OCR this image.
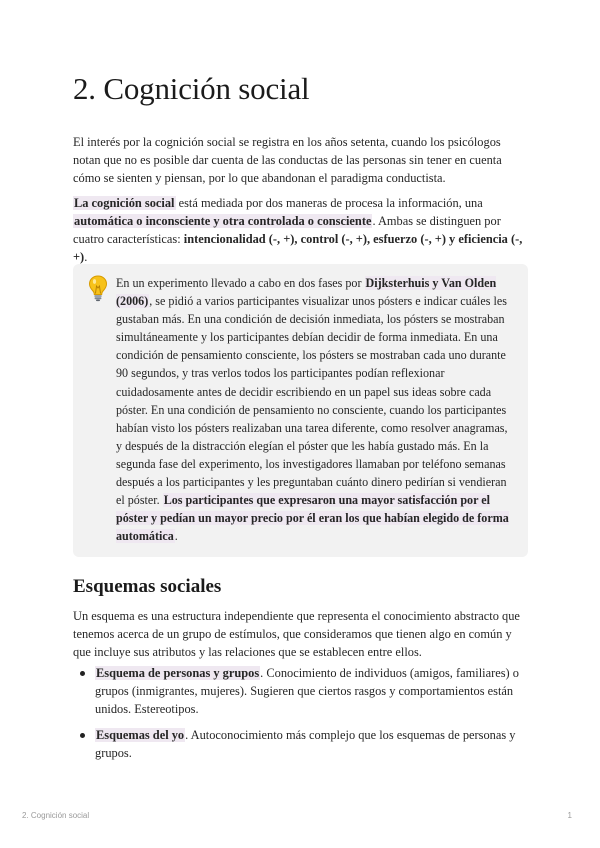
2. Cognición social

El interés por la cognición social se registra en los años setenta, cuando los psicólogos notan que no es posible dar cuenta de las conductas de las personas sin tener en cuenta cómo se sienten y piensan, por lo que abandonan el paradigma conductista.

La cognición social está mediada por dos maneras de procesa la información, una automática o inconsciente y otra controlada o consciente. Ambas se distinguen por cuatro características: intencionalidad (-, +), control (-, +), esfuerzo (-, +) y eficiencia (-, +).

En un experimento llevado a cabo en dos fases por Dijksterhuis y Van Olden (2006), se pidió a varios participantes visualizar unos pósters e indicar cuáles les gustaban más. En una condición de decisión inmediata, los pósters se mostraban simultáneamente y los participantes debían decidir de forma inmediata. En una condición de pensamiento consciente, los pósters se mostraban cada uno durante 90 segundos, y tras verlos todos los participantes podían reflexionar cuidadosamente antes de decidir escribiendo en un papel sus ideas sobre cada póster. En una condición de pensamiento no consciente, cuando los participantes habían visto los pósters realizaban una tarea diferente, como resolver anagramas, y después de la distracción elegían el póster que les había gustado más. En la segunda fase del experimento, los investigadores llamaban por teléfono semanas después a los participantes y les preguntaban cuánto dinero pedirían si vendieran el póster. Los participantes que expresaron una mayor satisfacción por el póster y pedían un mayor precio por él eran los que habían elegido de forma automática.

Esquemas sociales

Un esquema es una estructura independiente que representa el conocimiento abstracto que tenemos acerca de un grupo de estímulos, que consideramos que tienen algo en común y que incluye sus atributos y las relaciones que se establecen entre ellos.

Esquema de personas y grupos. Conocimiento de individuos (amigos, familiares) o grupos (inmigrantes, mujeres). Sugieren que ciertos rasgos y comportamientos están unidos. Estereotipos.
Esquemas del yo. Autoconocimiento más complejo que los esquemas de personas y grupos.
2. Cognición social	1
